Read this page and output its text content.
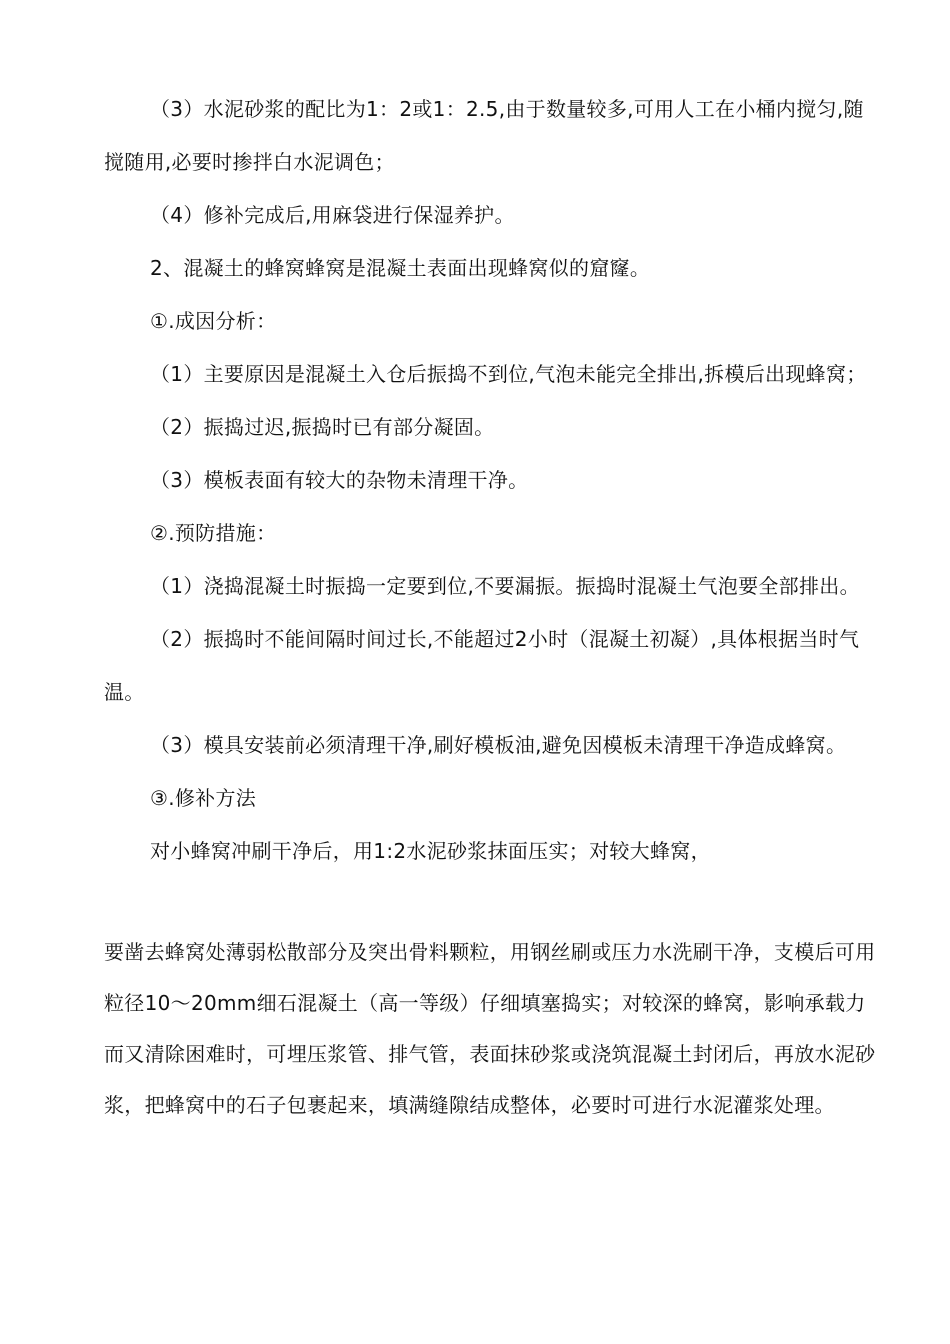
（3）水泥砂浆的配比为1：2或1：2.5,由于数量较多,可用人工在小桶内搅匀,随搅随用,必要时掺拌白水泥调色；

（4）修补完成后,用麻袋进行保湿养护。

2、混凝土的蜂窝蜂窝是混凝土表面出现蜂窝似的窟窿。

①.成因分析：

（1）主要原因是混凝土入仓后振捣不到位,气泡未能完全排出,拆模后出现蜂窝；

（2）振捣过迟,振捣时已有部分凝固。

（3）模板表面有较大的杂物未清理干净。

②.预防措施：

（1）浇捣混凝土时振捣一定要到位,不要漏振。振捣时混凝土气泡要全部排出。

（2）振捣时不能间隔时间过长,不能超过2小时（混凝土初凝）,具体根据当时气温。

（3）模具安装前必须清理干净,刷好模板油,避免因模板未清理干净造成蜂窝。

③.修补方法

对小蜂窝冲刷干净后，用1:2水泥砂浆抹面压实；对较大蜂窝，

要凿去蜂窝处薄弱松散部分及突出骨料颗粒，用钢丝刷或压力水洗刷干净，支模后可用粒径10～20mm细石混凝土（高一等级）仔细填塞捣实；对较深的蜂窝，影响承载力而又清除困难时，可埋压浆管、排气管，表面抹砂浆或浇筑混凝土封闭后，再放水泥砂浆，把蜂窝中的石子包裹起来，填满缝隙结成整体，必要时可进行水泥灌浆处理。
